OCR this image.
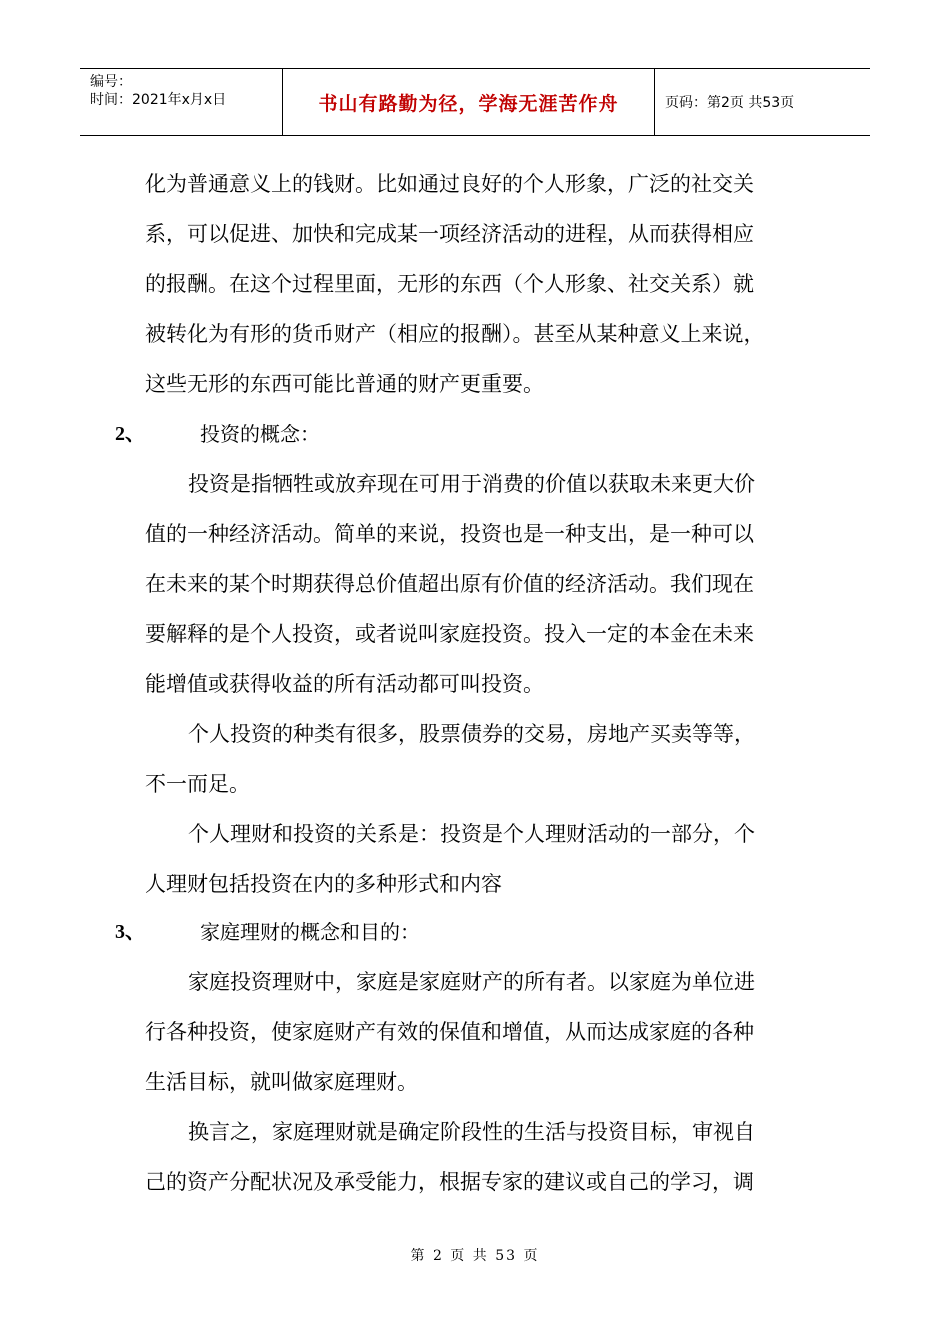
编号：
时间：2021年x月x日	书山有路勤为径，学海无涯苦作舟	页码：第2页 共53页
化为普通意义上的钱财。比如通过良好的个人形象，广泛的社交关
系，可以促进、加快和完成某一项经济活动的进程，从而获得相应
的报酬。在这个过程里面，无形的东西（个人形象、社交关系）就
被转化为有形的货币财产（相应的报酬）。甚至从某种意义上来说，
这些无形的东西可能比普通的财产更重要。
2、	投资的概念：
投资是指牺牲或放弃现在可用于消费的价值以获取未来更大价
值的一种经济活动。简单的来说，投资也是一种支出，是一种可以
在未来的某个时期获得总价值超出原有价值的经济活动。我们现在
要解释的是个人投资，或者说叫家庭投资。投入一定的本金在未来
能增值或获得收益的所有活动都可叫投资。
个人投资的种类有很多，股票债券的交易，房地产买卖等等，
不一而足。
个人理财和投资的关系是：投资是个人理财活动的一部分，个
人理财包括投资在内的多种形式和内容
3、	家庭理财的概念和目的：
家庭投资理财中，家庭是家庭财产的所有者。以家庭为单位进
行各种投资，使家庭财产有效的保值和增值，从而达成家庭的各种
生活目标，就叫做家庭理财。
换言之，家庭理财就是确定阶段性的生活与投资目标，审视自
己的资产分配状况及承受能力，根据专家的建议或自己的学习，调
第 2 页 共 53 页
